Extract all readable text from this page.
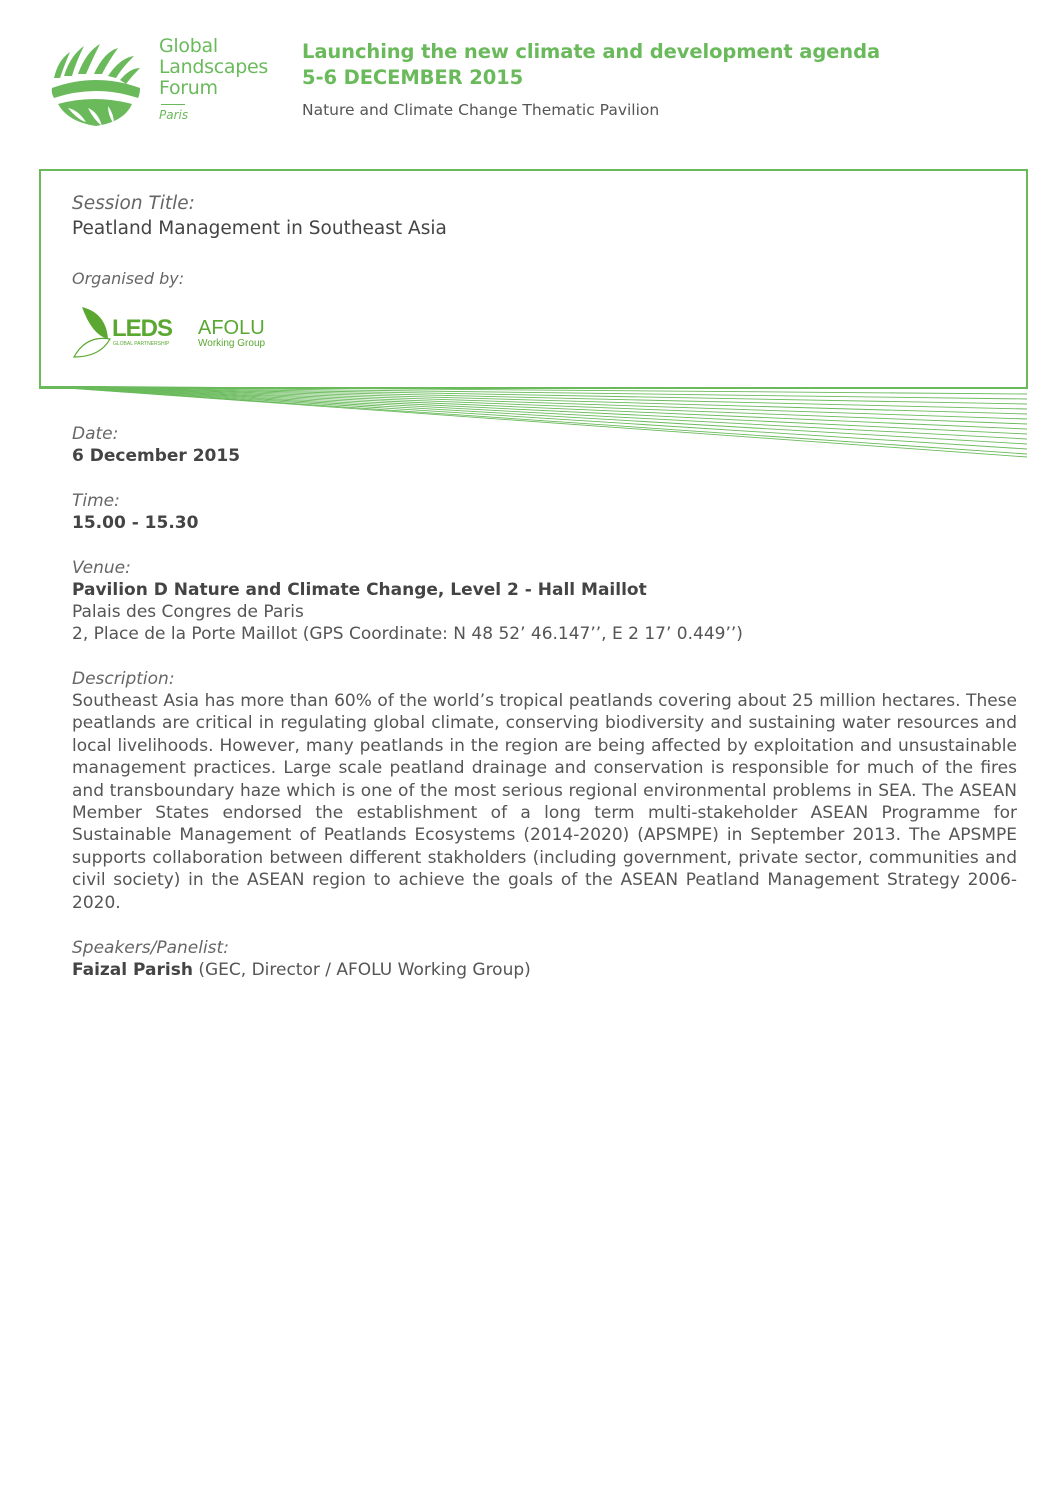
Global
Landscapes
Forum
Paris
Launching the new climate and development agenda
5-6 DECEMBER 2015
Nature and Climate Change Thematic Pavilion
Session Title:
Peatland Management in Southeast Asia
Organised by:
LEDS
GLOBAL PARTNERSHIP
AFOLU
Working Group
Date:
6 December 2015
Time:
15.00 - 15.30
Venue:
Pavilion D Nature and Climate Change, Level 2 - Hall Maillot
Palais des Congres de Paris
2, Place de la Porte Maillot (GPS Coordinate: N 48 52’ 46.147’’, E 2 17’ 0.449’’)
Description:

Southeast Asia has more than 60% of the world’s tropical peatlands covering about 25 million hectares. These peatlands are critical in regulating global climate, conserving biodiversity and sustaining water resources and local livelihoods. However, many peatlands in the region are being affected by exploitation and unsustainable management practices. Large scale peatland drainage and conservation is responsible for much of the fires and transboundary haze which is one of the most serious regional environmental problems in SEA. The ASEAN Member States endorsed the establishment of a long term multi-stakeholder ASEAN Programme for Sustainable Management of Peatlands Ecosystems (2014-2020) (APSMPE) in September 2013. The APSMPE supports collaboration between different stakholders (including government, private sector, communities and civil society) in the ASEAN region to achieve the goals of the ASEAN Peatland Management Strategy 2006-2020.

Speakers/Panelist:
Faizal Parish (GEC, Director / AFOLU Working Group)
